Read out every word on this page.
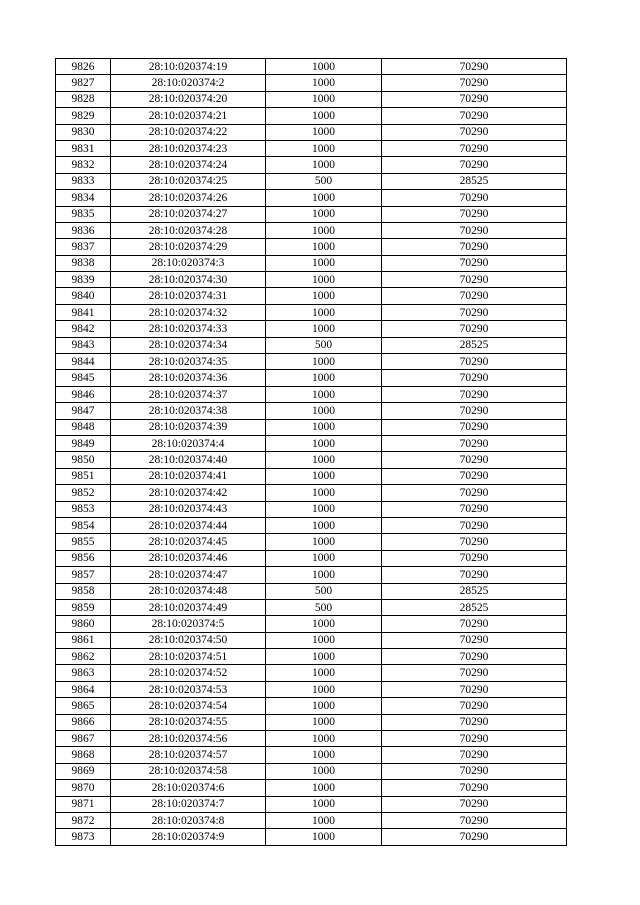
9826	28:10:020374:19	1000	70290
9827	28:10:020374:2	1000	70290
9828	28:10:020374:20	1000	70290
9829	28:10:020374:21	1000	70290
9830	28:10:020374:22	1000	70290
9831	28:10:020374:23	1000	70290
9832	28:10:020374:24	1000	70290
9833	28:10:020374:25	500	28525
9834	28:10:020374:26	1000	70290
9835	28:10:020374:27	1000	70290
9836	28:10:020374:28	1000	70290
9837	28:10:020374:29	1000	70290
9838	28:10:020374:3	1000	70290
9839	28:10:020374:30	1000	70290
9840	28:10:020374:31	1000	70290
9841	28:10:020374:32	1000	70290
9842	28:10:020374:33	1000	70290
9843	28:10:020374:34	500	28525
9844	28:10:020374:35	1000	70290
9845	28:10:020374:36	1000	70290
9846	28:10:020374:37	1000	70290
9847	28:10:020374:38	1000	70290
9848	28:10:020374:39	1000	70290
9849	28:10:020374:4	1000	70290
9850	28:10:020374:40	1000	70290
9851	28:10:020374:41	1000	70290
9852	28:10:020374:42	1000	70290
9853	28:10:020374:43	1000	70290
9854	28:10:020374:44	1000	70290
9855	28:10:020374:45	1000	70290
9856	28:10:020374:46	1000	70290
9857	28:10:020374:47	1000	70290
9858	28:10:020374:48	500	28525
9859	28:10:020374:49	500	28525
9860	28:10:020374:5	1000	70290
9861	28:10:020374:50	1000	70290
9862	28:10:020374:51	1000	70290
9863	28:10:020374:52	1000	70290
9864	28:10:020374:53	1000	70290
9865	28:10:020374:54	1000	70290
9866	28:10:020374:55	1000	70290
9867	28:10:020374:56	1000	70290
9868	28:10:020374:57	1000	70290
9869	28:10:020374:58	1000	70290
9870	28:10:020374:6	1000	70290
9871	28:10:020374:7	1000	70290
9872	28:10:020374:8	1000	70290
9873	28:10:020374:9	1000	70290
